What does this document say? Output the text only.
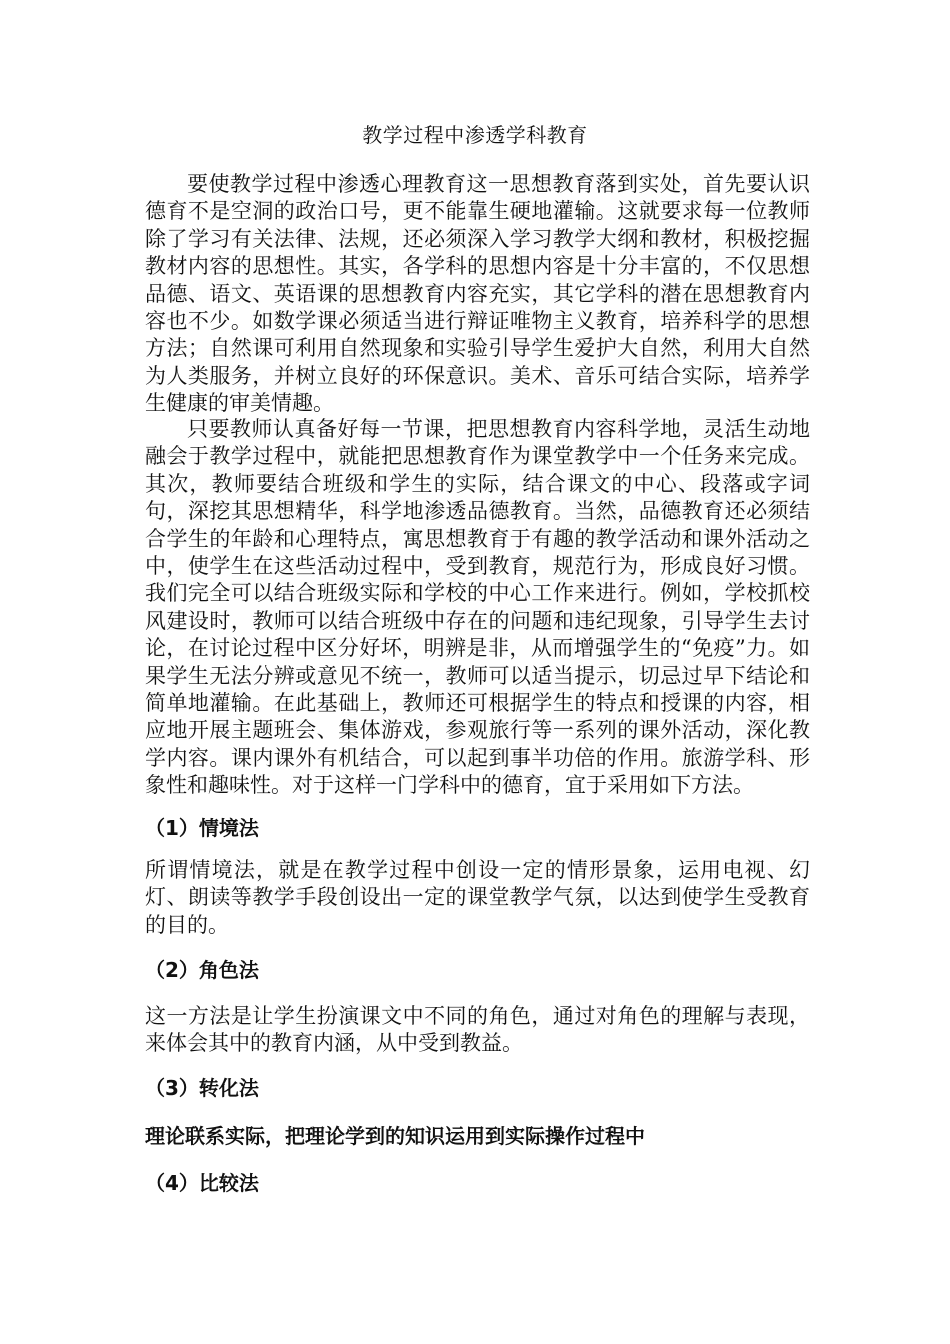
教学过程中渗透学科教育

要使教学过程中渗透心理教育这一思想教育落到实处，首先要认识德育不是空洞的政治口号，更不能靠生硬地灌输。这就要求每一位教师除了学习有关法律、法规，还必须深入学习教学大纲和教材，积极挖掘教材内容的思想性。其实，各学科的思想内容是十分丰富的，不仅思想品德、语文、英语课的思想教育内容充实，其它学科的潜在思想教育内容也不少。如数学课必须适当进行辩证唯物主义教育，培养科学的思想方法；自然课可利用自然现象和实验引导学生爱护大自然，利用大自然为人类服务，并树立良好的环保意识。美术、音乐可结合实际，培养学生健康的审美情趣。

只要教师认真备好每一节课，把思想教育内容科学地，灵活生动地融会于教学过程中，就能把思想教育作为课堂教学中一个任务来完成。其次，教师要结合班级和学生的实际，结合课文的中心、段落或字词句，深挖其思想精华，科学地渗透品德教育。当然，品德教育还必须结合学生的年龄和心理特点，寓思想教育于有趣的教学活动和课外活动之中，使学生在这些活动过程中，受到教育，规范行为，形成良好习惯。我们完全可以结合班级实际和学校的中心工作来进行。例如，学校抓校风建设时，教师可以结合班级中存在的问题和违纪现象，引导学生去讨论，在讨论过程中区分好坏，明辨是非，从而增强学生的“免疫”力。如果学生无法分辨或意见不统一，教师可以适当提示，切忌过早下结论和简单地灌输。在此基础上，教师还可根据学生的特点和授课的内容，相应地开展主题班会、集体游戏，参观旅行等一系列的课外活动，深化教学内容。课内课外有机结合，可以起到事半功倍的作用。旅游学科、形象性和趣味性。对于这样一门学科中的德育，宜于采用如下方法。

（1）情境法

所谓情境法，就是在教学过程中创设一定的情形景象，运用电视、幻灯、朗读等教学手段创设出一定的课堂教学气氛，以达到使学生受教育的目的。

（2）角色法

这一方法是让学生扮演课文中不同的角色，通过对角色的理解与表现，来体会其中的教育内涵，从中受到教益。

（3）转化法

理论联系实际，把理论学到的知识运用到实际操作过程中

（4）比较法
